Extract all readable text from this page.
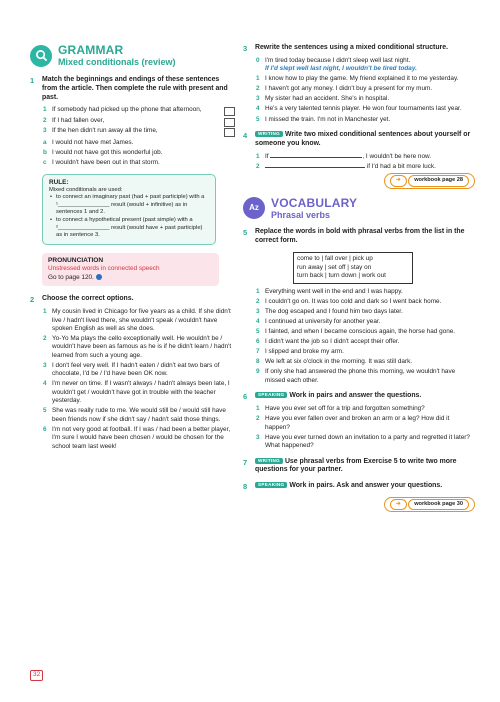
GRAMMAR
Mixed conditionals (review)
1 Match the beginnings and endings of these sentences from the article. Then complete the rule with present and past.
1 If somebody had picked up the phone that afternoon,
2 If I had fallen over,
3 If the hen didn't run away all the time,
a I would not have met James.
b I would not have got this wonderful job.
c I wouldn't have been out in that storm.
RULE:
Mixed conditionals are used:
• to connect an imaginary past (had + past participle) with a ¹________________ result (would + infinitive) as in sentences 1 and 2.
• to connect a hypothetical present (past simple) with a ²________________ result (would have + past participle) as in sentence 3.
PRONUNCIATION
Unstressed words in connected speech
Go to page 120.
2 Choose the correct options.
1 My cousin lived in Chicago for five years as a child. If she didn't live / hadn't lived there, she wouldn't speak / wouldn't have spoken English as well as she does.
2 Yo-Yo Ma plays the cello exceptionally well. He wouldn't be / wouldn't have been as famous as he is if he didn't learn / hadn't learned from such a young age.
3 I don't feel very well. If I hadn't eaten / didn't eat two bars of chocolate, I'd be / I'd have been OK now.
4 I'm never on time. If I wasn't always / hadn't always been late, I wouldn't get / wouldn't have got in trouble with the teacher yesterday.
5 She was really rude to me. We would still be / would still have been friends now if she didn't say / hadn't said those things.
6 I'm not very good at football. If I was / had been a better player, I'm sure I would have been chosen / would be chosen for the school team last week!
3 Rewrite the sentences using a mixed conditional structure.
0 I'm tired today because I didn't sleep well last night.
If I'd slept well last night, I wouldn't be tired today.
1 I know how to play the game. My friend explained it to me yesterday.
2 I haven't got any money. I didn't buy a present for my mum.
3 My sister had an accident. She's in hospital.
4 He's a very talented tennis player. He won four tournaments last year.
5 I missed the train. I'm not in Manchester yet.
4	WRITING Write two mixed conditional sentences about yourself or someone you know.
1 If	, I wouldn't be here now.
2	if I'd had a bit more luck.
➔ workbook page 28
Az	VOCABULARY
Phrasal verbs
5 Replace the words in bold with phrasal verbs from the list in the correct form.
come to | fall over | pick up
run away | set off | stay on
turn back | turn down | work out
1 Everything went well in the end and I was happy.
2 I couldn't go on. It was too cold and dark so I went back home.
3 The dog escaped and I found him two days later.
4 I continued at university for another year.
5 I fainted, and when I became conscious again, the horse had gone.
6 I didn't want the job so I didn't accept their offer.
7 I slipped and broke my arm.
8 We left at six o'clock in the morning. It was still dark.
9 If only she had answered the phone this morning, we wouldn't have missed each other.
6	SPEAKING Work in pairs and answer the questions.
1 Have you ever set off for a trip and forgotten something?
2 Have you ever fallen over and broken an arm or a leg? How did it happen?
3 Have you ever turned down an invitation to a party and regretted it later? What happened?
7	WRITING Use phrasal verbs from Exercise 5 to write two more questions for your partner.
8	SPEAKING Work in pairs. Ask and answer your questions.
➔ workbook page 30
32
